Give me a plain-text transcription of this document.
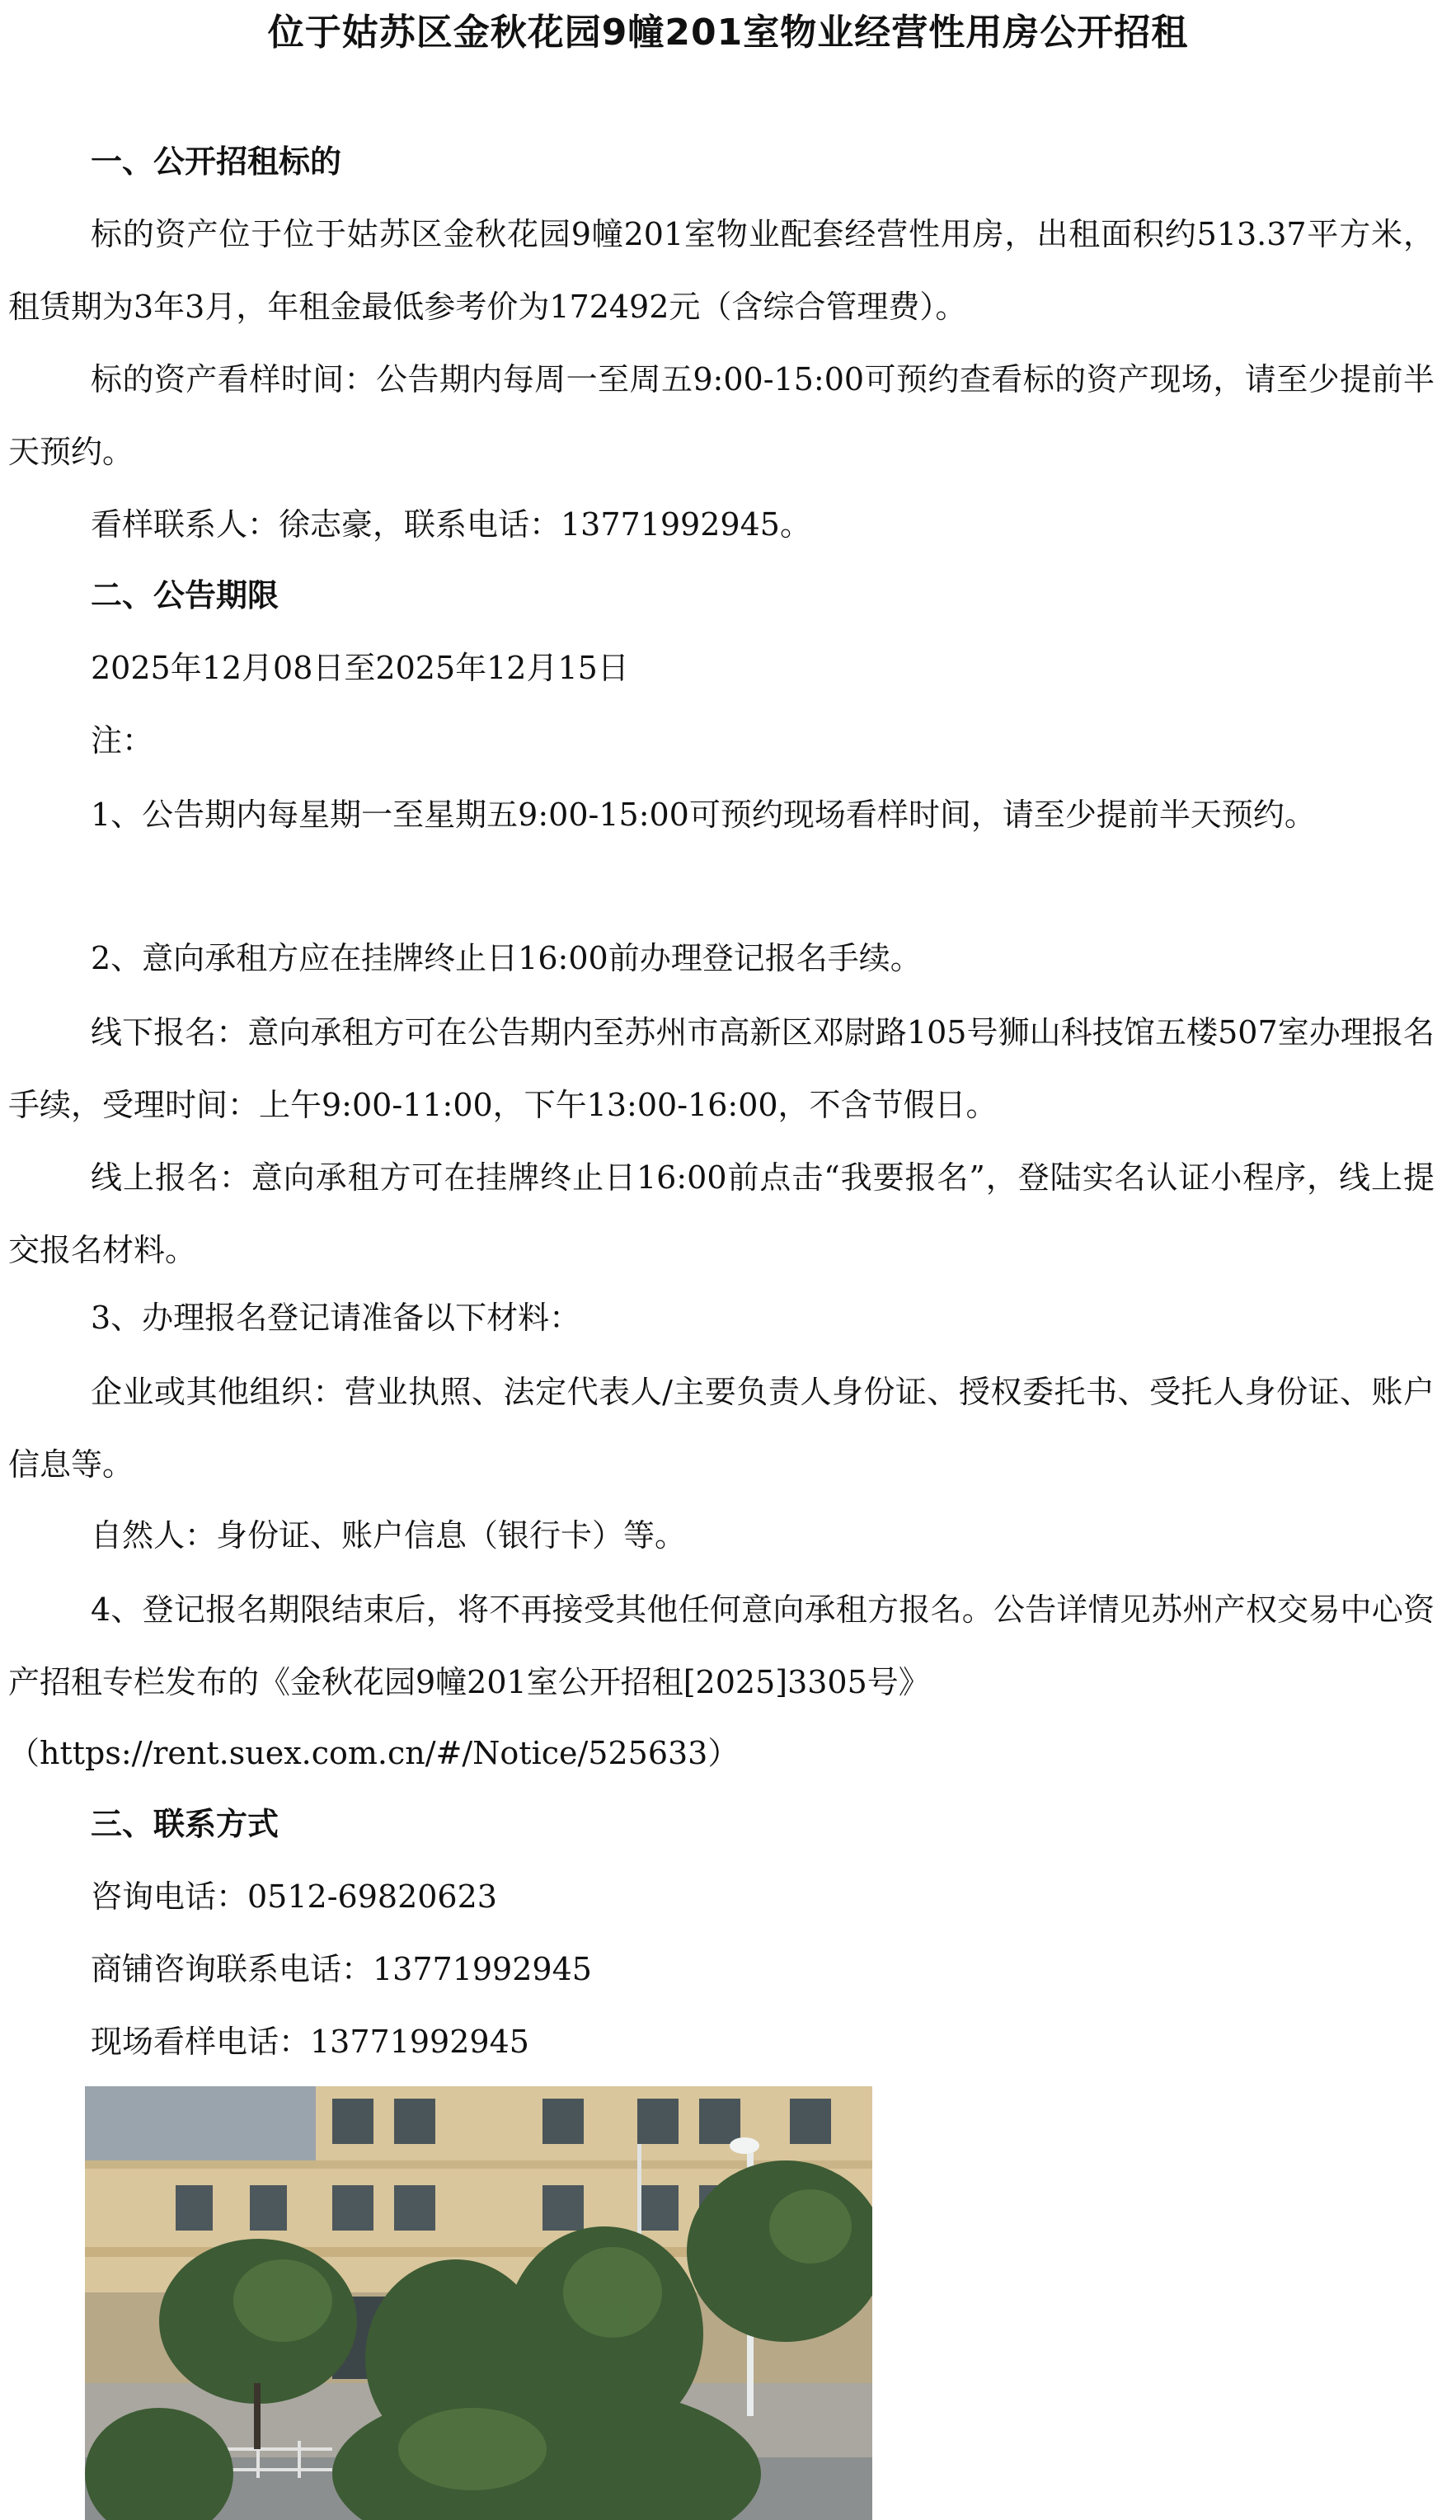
位于姑苏区金秋花园9幢201室物业经营性用房公开招租
一、公开招租标的
标的资产位于位于姑苏区金秋花园9幢201室物业配套经营性用房，出租面积约513.37平方米，租赁期为3年3月，年租金最低参考价为172492元（含综合管理费）。
标的资产看样时间：公告期内每周一至周五9:00-15:00可预约查看标的资产现场，请至少提前半天预约。
看样联系人：徐志豪，联系电话：13771992945。
二、公告期限
2025年12月08日至2025年12月15日
注：
1、公告期内每星期一至星期五9:00-15:00可预约现场看样时间，请至少提前半天预约。
2、意向承租方应在挂牌终止日16:00前办理登记报名手续。
线下报名：意向承租方可在公告期内至苏州市高新区邓尉路105号狮山科技馆五楼507室办理报名手续，受理时间：上午9:00-11:00，下午13:00-16:00，不含节假日。
线上报名：意向承租方可在挂牌终止日16:00前点击“我要报名”，登陆实名认证小程序，线上提交报名材料。
3、办理报名登记请准备以下材料：
企业或其他组织：营业执照、法定代表人/主要负责人身份证、授权委托书、受托人身份证、账户信息等。
自然人：身份证、账户信息（银行卡）等。
4、登记报名期限结束后，将不再接受其他任何意向承租方报名。公告详情见苏州产权交易中心资产招租专栏发布的《金秋花园9幢201室公开招租[2025]3305号》
（https://rent.suex.com.cn/#/Notice/525633）
三、联系方式
咨询电话：0512-69820623
商铺咨询联系电话：13771992945
现场看样电话：13771992945
